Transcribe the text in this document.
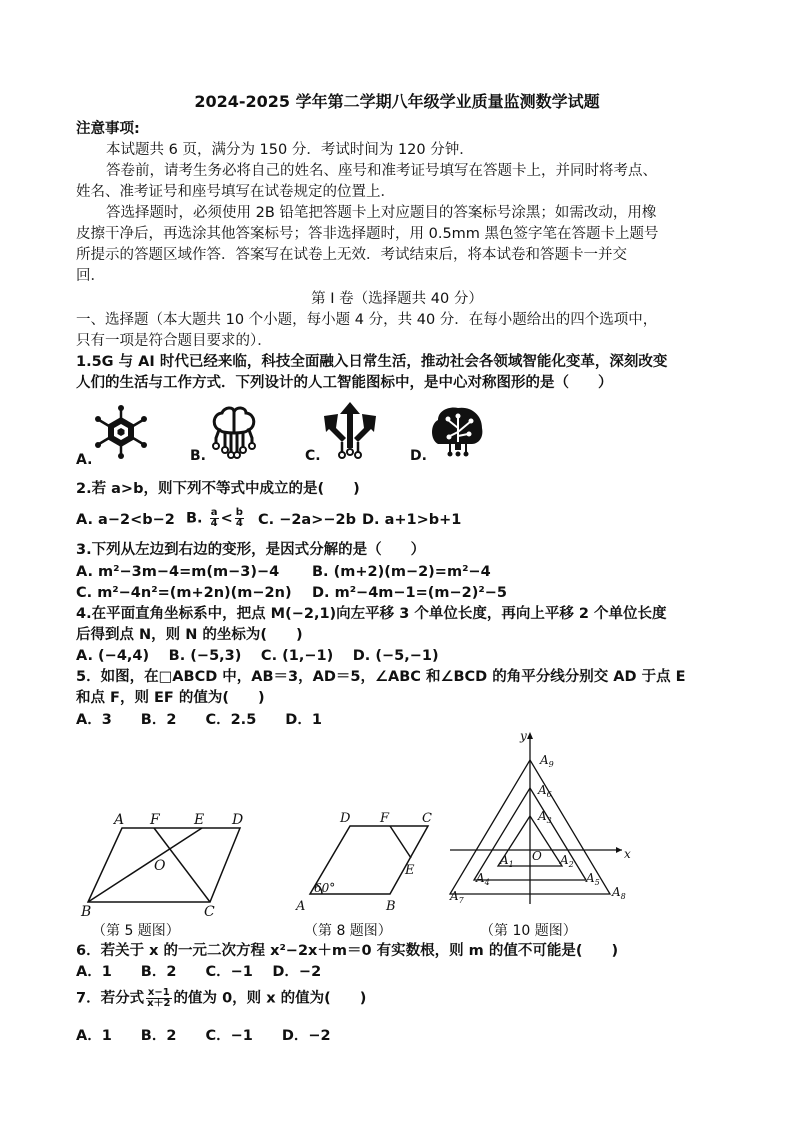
2024-2025 学年第二学期八年级学业质量监测数学试题
注意事项:
本试题共 6 页，满分为 150 分．考试时间为 120 分钟．
答卷前，请考生务必将自己的姓名、座号和准考证号填写在答题卡上，并同时将考点、
姓名、准考证号和座号填写在试卷规定的位置上．
答选择题时，必须使用 2B 铅笔把答题卡上对应题目的答案标号涂黑；如需改动，用橡
皮擦干净后，再选涂其他答案标号；答非选择题时，用 0.5mm 黑色签字笔在答题卡上题号
所提示的答题区域作答．答案写在试卷上无效．考试结束后，将本试卷和答题卡一并交
回．
第 Ⅰ 卷（选择题共 40 分）
一、选择题（本大题共 10 个小题，每小题 4 分，共 40 分．在每小题给出的四个选项中，
只有一项是符合题目要求的）．
1.5G 与 AI 时代已经来临，科技全面融入日常生活，推动社会各领域智能化变革，深刻改变
人们的生活与工作方式．下列设计的人工智能图标中，是中心对称图形的是（　　）
A.	B.	C.	D.
2.若 a>b，则下列不等式中成立的是(　　)
A. a−2<b−2 B. $\frac{a}{4} < \frac{b}{4} C$. −2a>−2b D. a+1>b+1
3.下列从左边到右边的变形，是因式分解的是（　　）
A. m²−3m−4=m(m−3)−4 B. (m+2)(m−2)=m²−4
C. m²−4n²=(m+2n)(m−2n) D. m²−4m−1=(m−2)²−5
4.在平面直角坐标系中，把点 M(−2,1)向左平移 3 个单位长度，再向上平移 2 个单位长度
后得到点 N，则 N 的坐标为(　　)
A. (−4,4)　 B. (−5,3)　 C. (1,−1)　 D. (−5,−1)
5．如图，在□ABCD 中，AB＝3，AD＝5，∠ABC 和∠BCD 的角平分线分别交 AD 于点 E
和点 F，则 EF 的值为(　　)
A．3　　B．2　　C．2.5　　D．1
A F E D
O
B	C
（第 5 题图）
D F	C
E
A	B
60°
（第 8 题图）
x
y
O
$A_9$
$A_6$
$A_3$
$A_1$	$A_2$
$A_4$	$A_5$
$A_7$
$A_8$
（第 10 题图）
6．若关于 x 的一元二次方程 x²−2x＋m＝0 有实数根，则 m 的值不可能是(　　)
A．1　　B．2　　C．−1　 D．−2
7．若分式 $\frac{x-1}{x+2}$ 的值为 0，则 x 的值为(　　)
A．1　　B．2　　C．−1　　D．−2
